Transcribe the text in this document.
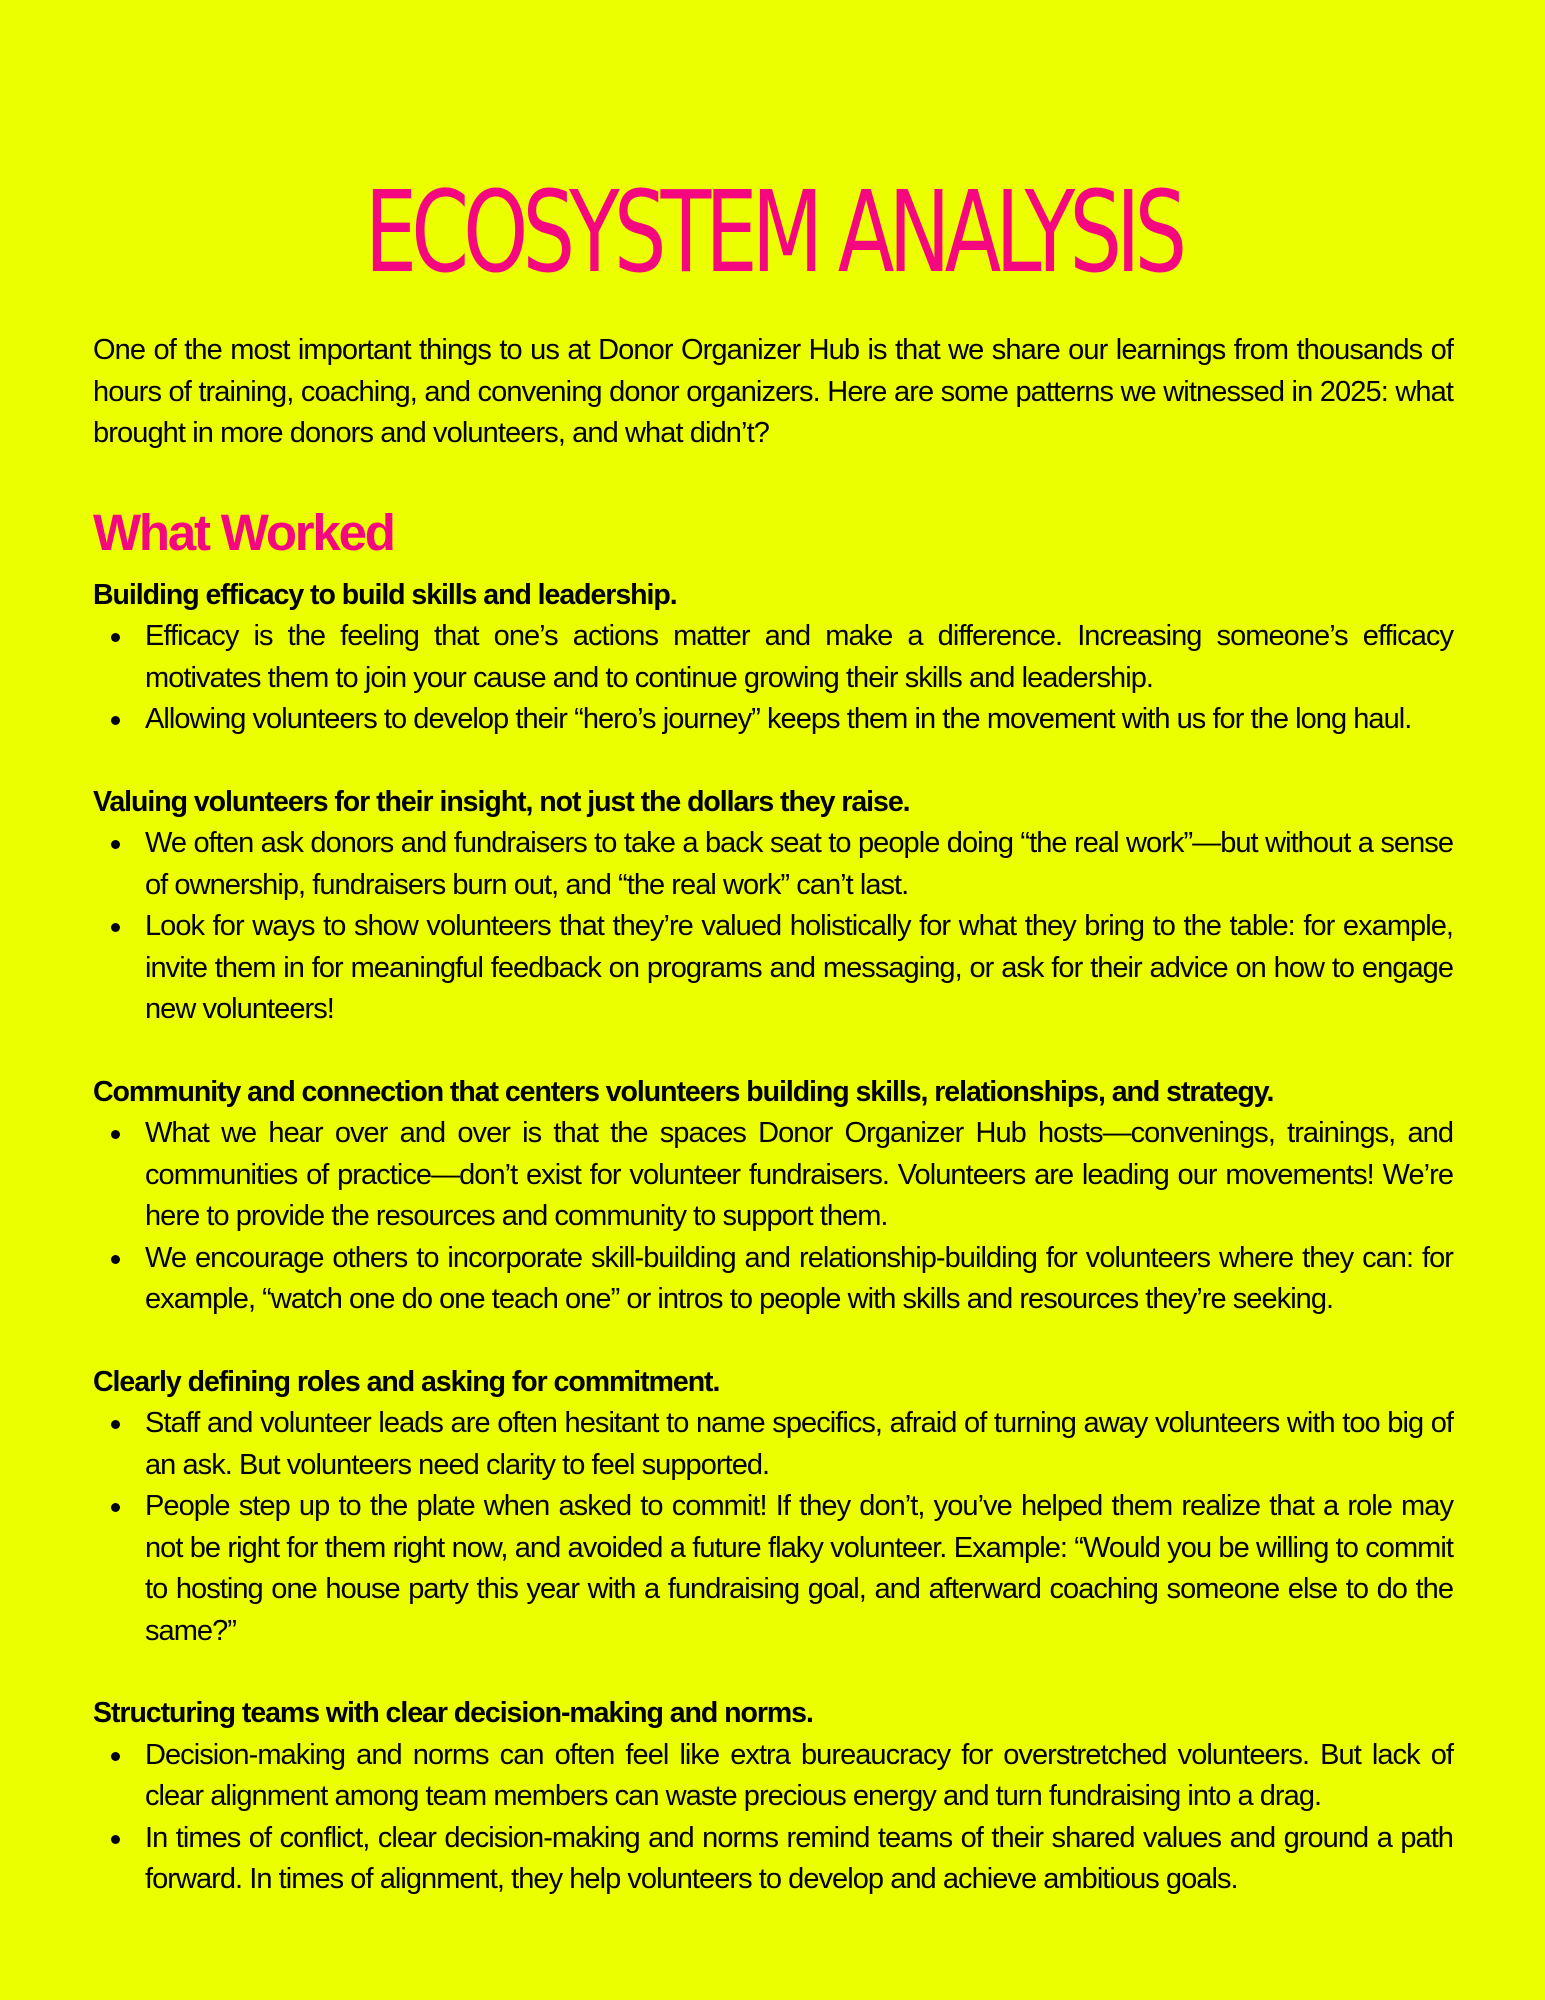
ECOSYSTEM ANALYSIS

One of the most important things to us at Donor Organizer Hub is that we share our learnings from thousands of hours of training, coaching, and convening donor organizers. Here are some patterns we witnessed in 2025: what brought in more donors and volunteers, and what didn’t?

What Worked
Building efficacy to build skills and leadership.
Efficacy is the feeling that one’s actions matter and make a difference. Increasing someone’s efficacy motivates them to join your cause and to continue growing their skills and leadership.
Allowing volunteers to develop their “hero’s journey” keeps them in the movement with us for the long haul.
Valuing volunteers for their insight, not just the dollars they raise.
We often ask donors and fundraisers to take a back seat to people doing “the real work”—but without a sense of ownership, fundraisers burn out, and “the real work” can’t last.
Look for ways to show volunteers that they’re valued holistically for what they bring to the table: for example, invite them in for meaningful feedback on programs and messaging, or ask for their advice on how to engage new volunteers!
Community and connection that centers volunteers building skills, relationships, and strategy.
What we hear over and over is that the spaces Donor Organizer Hub hosts—convenings, trainings, and communities of practice—don’t exist for volunteer fundraisers. Volunteers are leading our movements! We’re here to provide the resources and community to support them.
We encourage others to incorporate skill-building and relationship-building for volunteers where they can: for example, “watch one do one teach one” or intros to people with skills and resources they’re seeking.
Clearly defining roles and asking for commitment.
Staff and volunteer leads are often hesitant to name specifics, afraid of turning away volunteers with too big of an ask. But volunteers need clarity to feel supported.
People step up to the plate when asked to commit! If they don’t, you’ve helped them realize that a role may not be right for them right now, and avoided a future flaky volunteer. Example: “Would you be willing to commit to hosting one house party this year with a fundraising goal, and afterward coaching someone else to do the same?”
Structuring teams with clear decision-making and norms.
Decision-making and norms can often feel like extra bureaucracy for overstretched volunteers. But lack of clear alignment among team members can waste precious energy and turn fundraising into a drag.
In times of conflict, clear decision-making and norms remind teams of their shared values and ground a path forward. In times of alignment, they help volunteers to develop and achieve ambitious goals.
